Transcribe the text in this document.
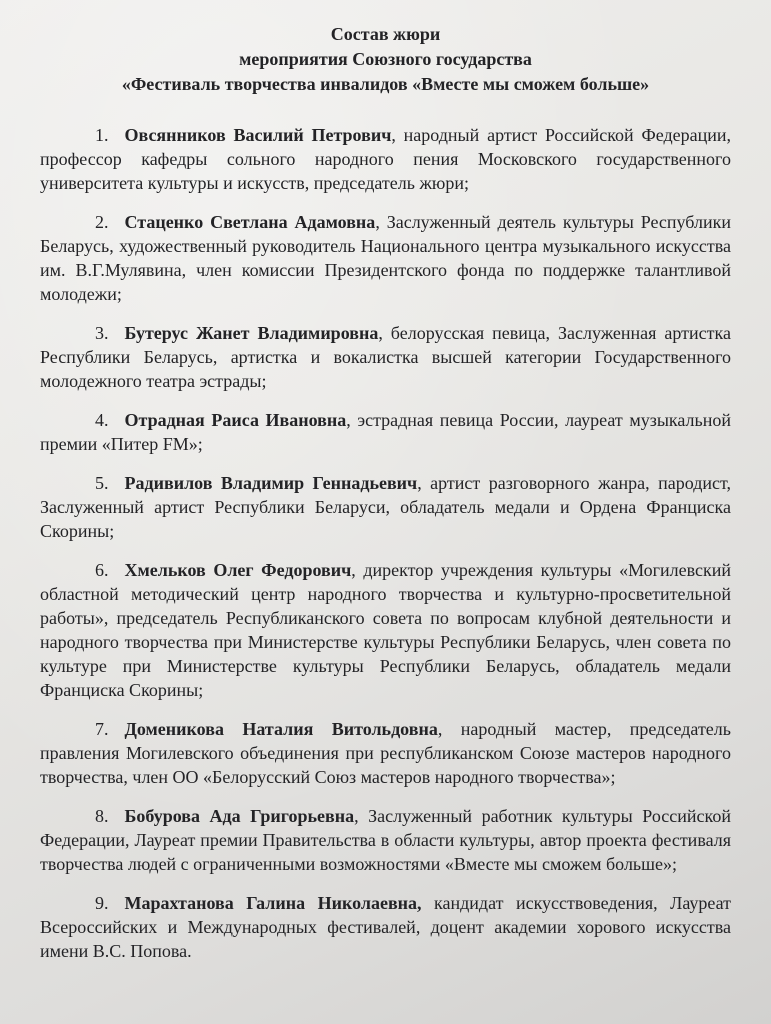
Состав жюри
мероприятия Союзного государства
«Фестиваль творчества инвалидов «Вместе мы сможем больше»

1. Овсянников Василий Петрович, народный артист Российской Федерации, профессор кафедры сольного народного пения Московского государственного университета культуры и искусств, председатель жюри;

2. Стаценко Светлана Адамовна, Заслуженный деятель культуры Республики Беларусь, художественный руководитель Национального центра музыкального искусства им. В.Г.Мулявина, член комиссии Президентского фонда по поддержке талантливой молодежи;

3. Бутерус Жанет Владимировна, белорусская певица, Заслуженная артистка Республики Беларусь, артистка и вокалистка высшей категории Государственного молодежного театра эстрады;

4. Отрадная Раиса Ивановна, эстрадная певица России, лауреат музыкальной премии «Питер FM»;

5. Радивилов Владимир Геннадьевич, артист разговорного жанра, пародист, Заслуженный артист Республики Беларуси, обладатель медали и Ордена Франциска Скорины;

6. Хмельков Олег Федорович, директор учреждения культуры «Могилевский областной методический центр народного творчества и культурно-просветительной работы», председатель Республиканского совета по вопросам клубной деятельности и народного творчества при Министерстве культуры Республики Беларусь, член совета по культуре при Министерстве культуры Республики Беларусь, обладатель медали Франциска Скорины;

7. Доменикова Наталия Витольдовна, народный мастер, председатель правления Могилевского объединения при республиканском Союзе мастеров народного творчества, член ОО «Белорусский Союз мастеров народного творчества»;

8. Бобурова Ада Григорьевна, Заслуженный работник культуры Российской Федерации, Лауреат премии Правительства в области культуры, автор проекта фестиваля творчества людей с ограниченными возможностями «Вместе мы сможем больше»;

9. Марахтанова Галина Николаевна, кандидат искусствоведения, Лауреат Всероссийских и Международных фестивалей, доцент академии хорового искусства имени В.С. Попова.
